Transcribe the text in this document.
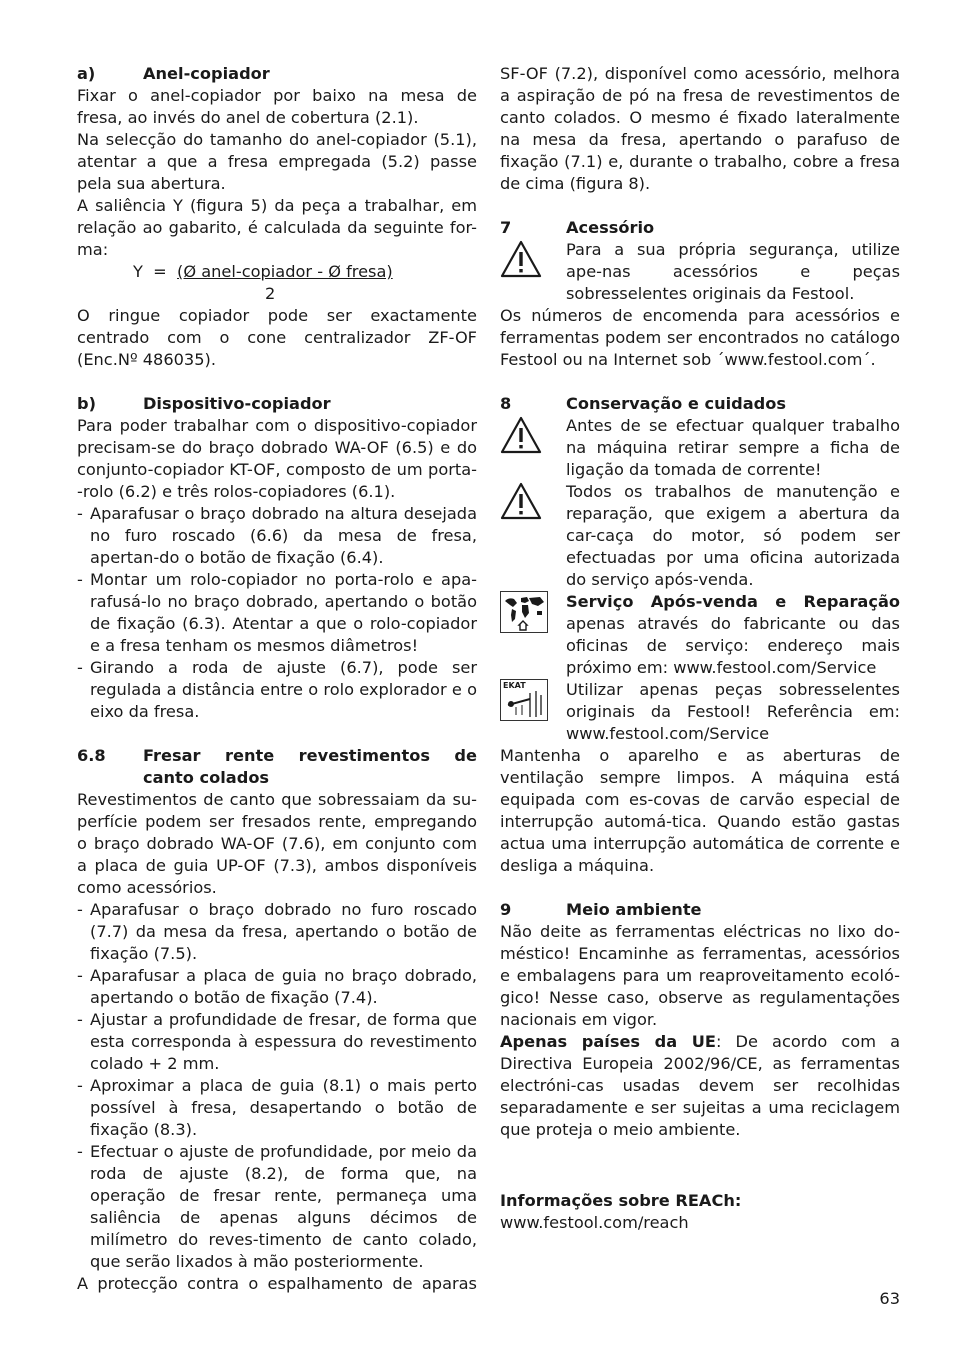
a)	Anel-copiador

Fixar o anel-copiador por baixo na mesa de fresa, ao invés do anel de cobertura (2.1).

Na selecção do tamanho do anel-copiador (5.1), atentar a que a fresa empregada (5.2) passe pela sua abertura.

A saliência Y (figura 5) da peça a trabalhar, em relação ao gabarito, é calculada da seguinte for-ma:

Y  = (Ø anel-copiador - Ø fresa)
2

O ringue copiador pode ser exactamente centrado com o cone centralizador ZF-OF (Enc.Nº 486035).

b)	Dispositivo-copiador

Para poder trabalhar com o dispositivo-copiador precisam-se do braço dobrado WA-OF (6.5) e do conjunto-copiador KT-OF, composto de um porta--rolo (6.2) e três rolos-copiadores (6.1).

- Aparafusar o braço dobrado na altura desejada no furo roscado (6.6) da mesa de fresa, apertan-do o botão de fixação (6.4).
- Montar um rolo-copiador no porta-rolo e apa-rafusá-lo no braço dobrado, apertando o botão de fixação (6.3). Atentar a que o rolo-copiador e a fresa tenham os mesmos diâmetros!
- Girando a roda de ajuste (6.7), pode ser regulada a distância entre o rolo explorador e o eixo da fresa.
6.8	Fresar rente revestimentos de canto colados

Revestimentos de canto que sobressaiam da su-perfície podem ser fresados rente, empregando o braço dobrado WA-OF (7.6), em conjunto com a placa de guia UP-OF (7.3), ambos disponíveis como acessórios.

- Aparafusar o braço dobrado no furo roscado (7.7) da mesa da fresa, apertando o botão de fixação (7.5).
- Aparafusar a placa de guia no braço dobrado, apertando o botão de fixação (7.4).
- Ajustar a profundidade de fresar, de forma que esta corresponda à espessura do revestimento colado + 2 mm.
- Aproximar a placa de guia (8.1) o mais perto possível à fresa, desapertando o botão de fixação (8.3).
- Efectuar o ajuste de profundidade, por meio da roda de ajuste (8.2), de forma que, na operação de fresar rente, permaneça uma saliência de apenas alguns décimos de milímetro do reves-timento de canto colado, que serão lixados à mão posteriormente.

A protecção contra o espalhamento de aparas

SF-OF (7.2), disponível como acessório, melhora a aspiração de pó na fresa de revestimentos de canto colados. O mesmo é fixado lateralmente na mesa da fresa, apertando o parafuso de fixação (7.1) e, durante o trabalho, cobre a fresa de cima (figura 8).

7	Acessório
Para a sua própria segurança, utilize ape-nas acessórios e peças sobresselentes originais da Festool.

Os números de encomenda para acessórios e ferramentas podem ser encontrados no catálogo Festool ou na Internet sob ´www.festool.com´.

8	Conservação e cuidados
Antes de se efectuar qualquer trabalho na máquina retirar sempre a ficha de ligação da tomada de corrente!
Todos os trabalhos de manutenção e reparação, que exigem a abertura da car-caça do motor, só podem ser efectuadas por uma oficina autorizada do serviço após-venda.
Serviço Após-venda e Reparação apenas através do fabricante ou das oficinas de serviço: endereço mais próximo em: www.festool.com/Service
EKAT Utilizar apenas peças sobresselentes originais da Festool! Referência em: www.festool.com/Service

Mantenha o aparelho e as aberturas de ventilação sempre limpos. A máquina está equipada com es-covas de carvão especial de interrupção automá-tica. Quando estão gastas actua uma interrupção automática de corrente e desliga a máquina.

9	Meio ambiente

Não deite as ferramentas eléctricas no lixo do-méstico! Encaminhe as ferramentas, acessórios e embalagens para um reaproveitamento ecoló-gico! Nesse caso, observe as regulamentações nacionais em vigor.

Apenas países da UE: De acordo com a Directiva Europeia 2002/96/CE, as ferramentas electróni-cas usadas devem ser recolhidas separadamente e ser sujeitas a uma reciclagem que proteja o meio ambiente.

Informações sobre REACh:

www.festool.com/reach

63
